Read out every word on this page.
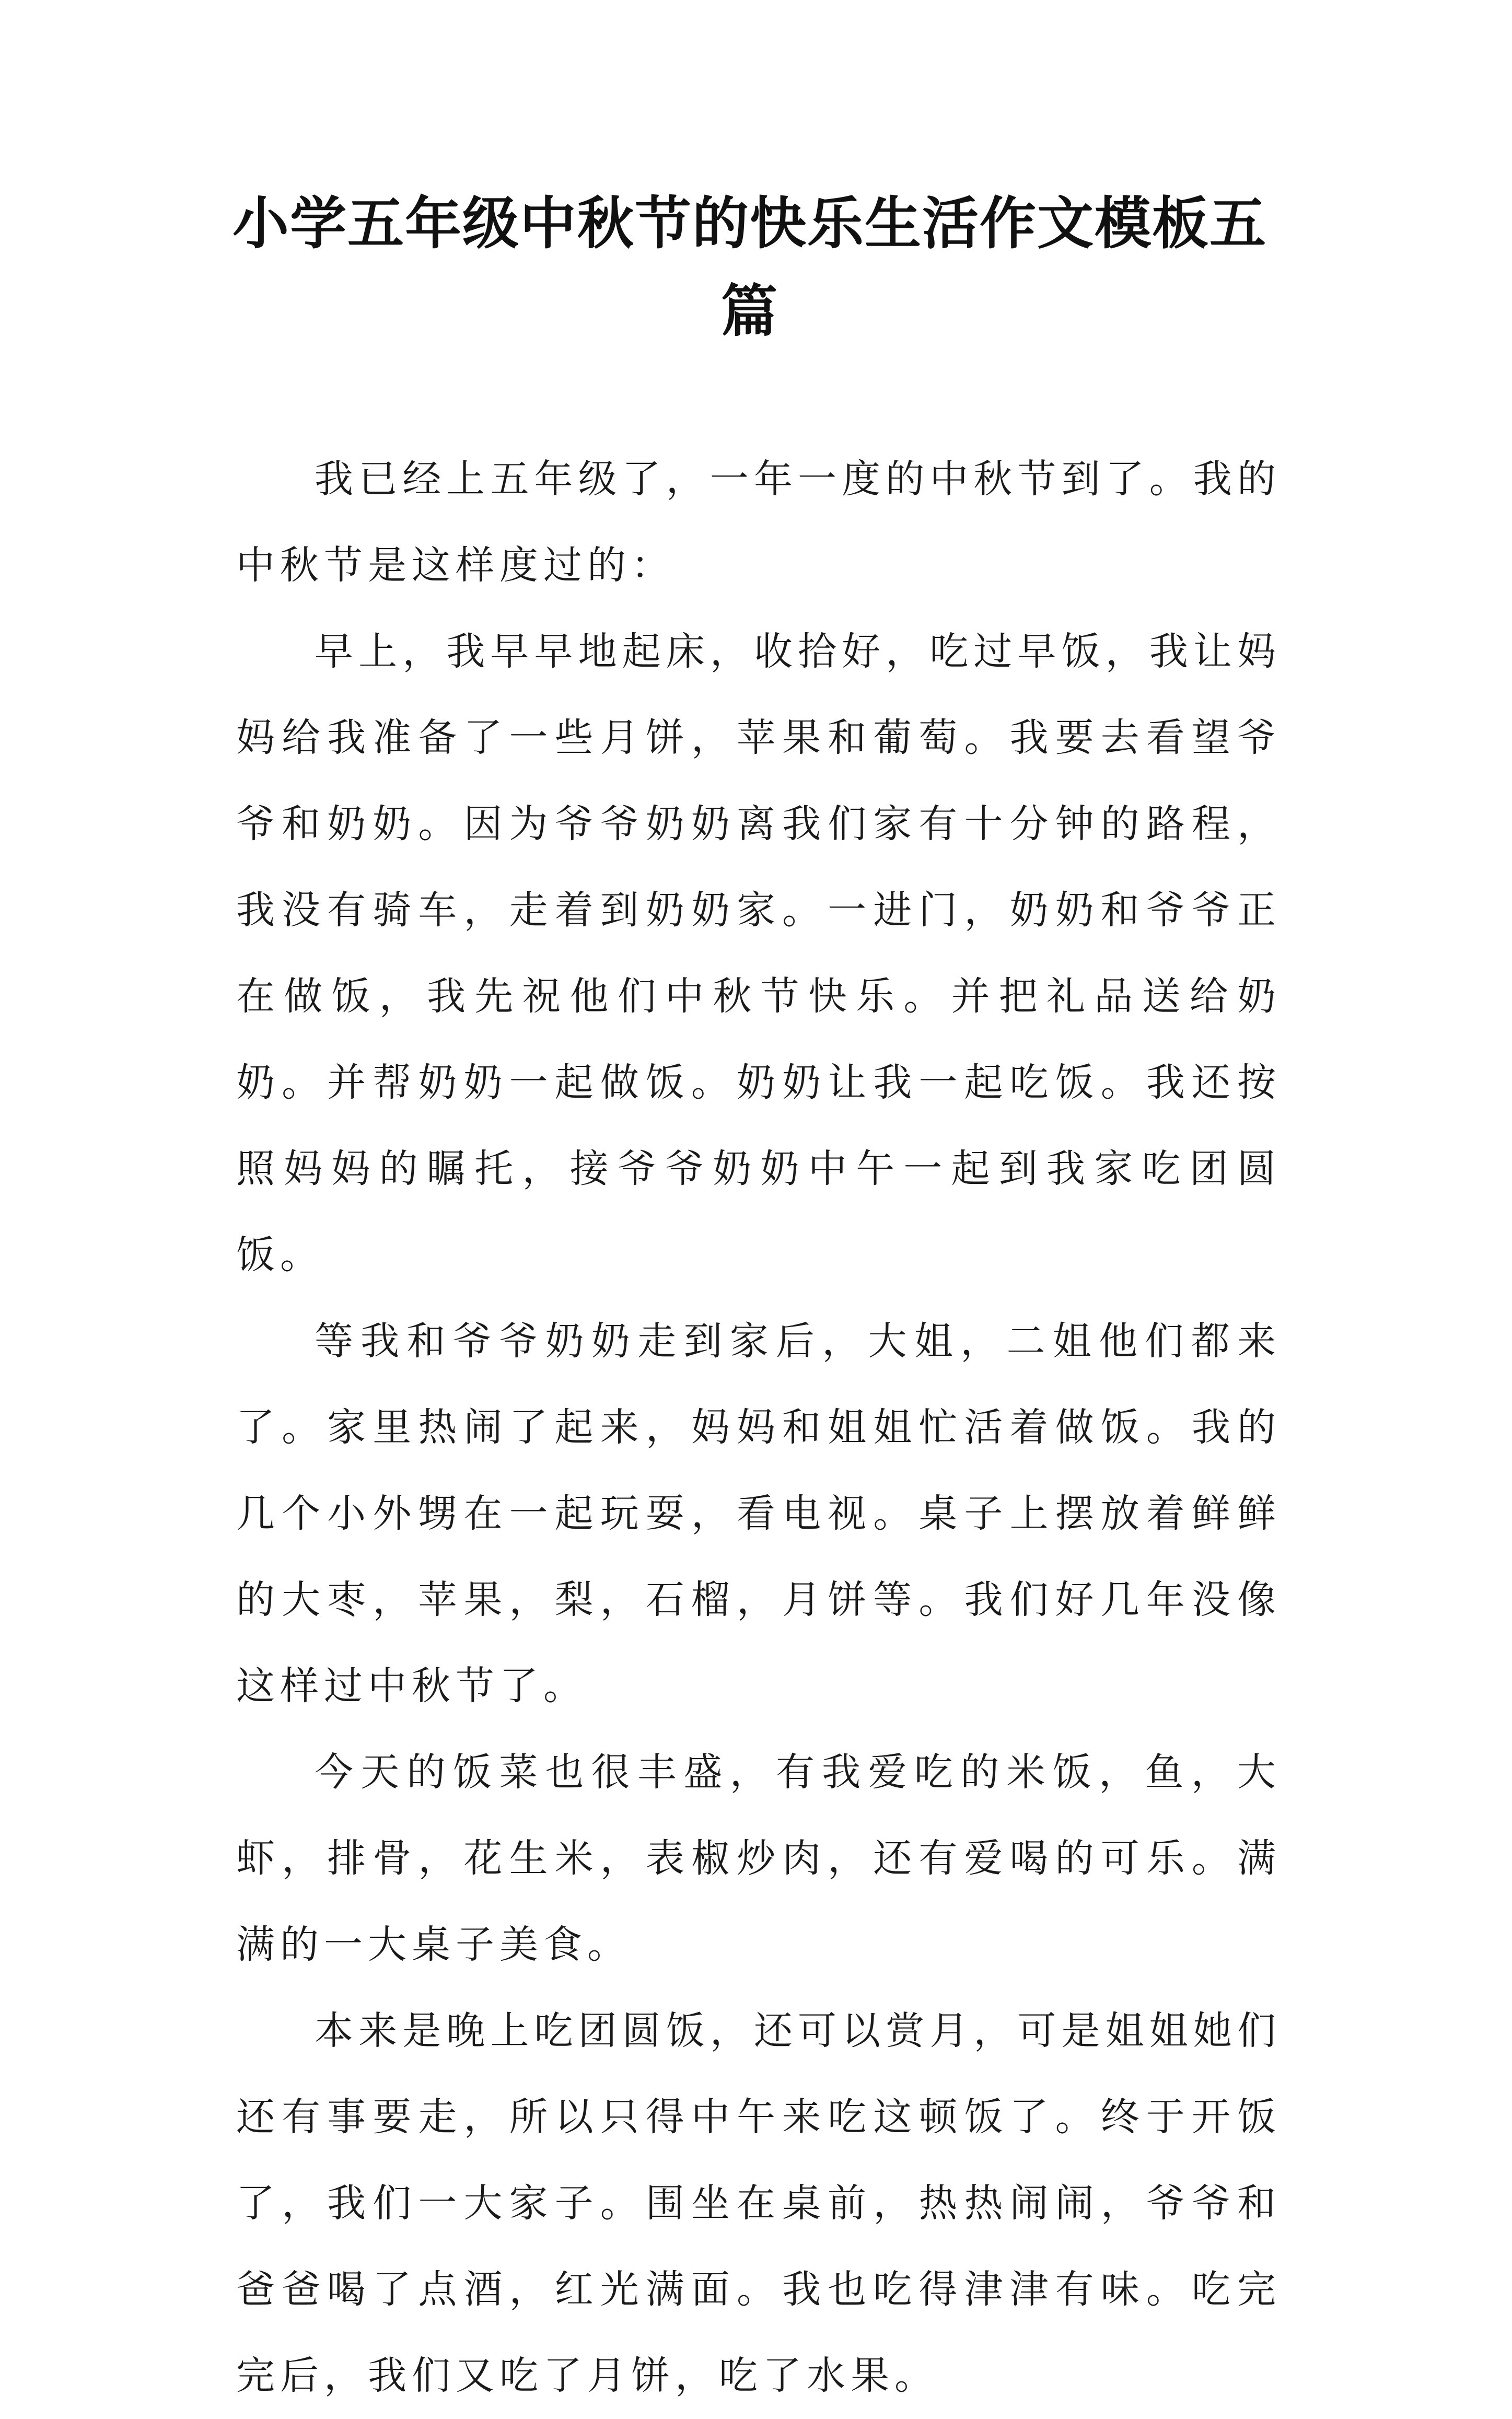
小学五年级中秋节的快乐生活作文模板五篇

我已经上五年级了，一年一度的中秋节到了。我的中秋节是这样度过的：

早上，我早早地起床，收拾好，吃过早饭，我让妈妈给我准备了一些月饼，苹果和葡萄。我要去看望爷爷和奶奶。因为爷爷奶奶离我们家有十分钟的路程，我没有骑车，走着到奶奶家。一进门，奶奶和爷爷正在做饭，我先祝他们中秋节快乐。并把礼品送给奶奶。并帮奶奶一起做饭。奶奶让我一起吃饭。我还按照妈妈的瞩托，接爷爷奶奶中午一起到我家吃团圆饭。

等我和爷爷奶奶走到家后，大姐，二姐他们都来了。家里热闹了起来，妈妈和姐姐忙活着做饭。我的几个小外甥在一起玩耍，看电视。桌子上摆放着鲜鲜的大枣，苹果，梨，石榴，月饼等。我们好几年没像这样过中秋节了。

今天的饭菜也很丰盛，有我爱吃的米饭，鱼，大虾，排骨，花生米，表椒炒肉，还有爱喝的可乐。满满的一大桌子美食。

本来是晚上吃团圆饭，还可以赏月，可是姐姐她们还有事要走，所以只得中午来吃这顿饭了。终于开饭了，我们一大家子。围坐在桌前，热热闹闹，爷爷和爸爸喝了点酒，红光满面。我也吃得津津有味。吃完完后，我们又吃了月饼，吃了水果。
